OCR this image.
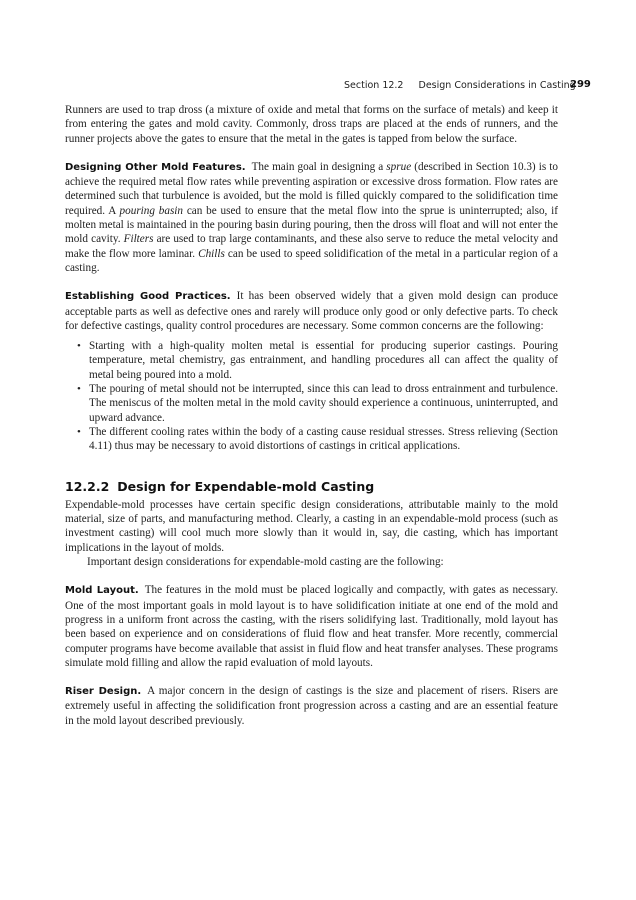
Section 12.2 Design Considerations in Casting
299

Runners are used to trap dross (a mixture of oxide and metal that forms on the surface of metals) and keep it from entering the gates and mold cavity. Commonly, dross traps are placed at the ends of runners, and the runner projects above the gates to ensure that the metal in the gates is tapped from below the surface.

Designing Other Mold Features. The main goal in designing a sprue (described in Section 10.3) is to achieve the required metal flow rates while preventing aspiration or excessive dross formation. Flow rates are determined such that turbulence is avoided, but the mold is filled quickly compared to the solidification time required. A pouring basin can be used to ensure that the metal flow into the sprue is uninterrupted; also, if molten metal is maintained in the pouring basin during pouring, then the dross will float and will not enter the mold cavity. Filters are used to trap large contaminants, and these also serve to reduce the metal velocity and make the flow more laminar. Chills can be used to speed solidification of the metal in a particular region of a casting.

Establishing Good Practices. It has been observed widely that a given mold design can produce acceptable parts as well as defective ones and rarely will produce only good or only defective parts. To check for defective castings, quality control procedures are necessary. Some common concerns are the following:

• Starting with a high-quality molten metal is essential for producing superior castings. Pouring temperature, metal chemistry, gas entrainment, and handling procedures all can affect the quality of metal being poured into a mold.
• The pouring of metal should not be interrupted, since this can lead to dross entrainment and turbulence. The meniscus of the molten metal in the mold cavity should experience a continuous, uninterrupted, and upward advance.
• The different cooling rates within the body of a casting cause residual stresses. Stress relieving (Section 4.11) thus may be necessary to avoid distortions of castings in critical applications.
12.2.2 Design for Expendable-mold Casting

Expendable-mold processes have certain specific design considerations, attributable mainly to the mold material, size of parts, and manufacturing method. Clearly, a casting in an expendable-mold process (such as investment casting) will cool much more slowly than it would in, say, die casting, which has important implications in the layout of molds.

Important design considerations for expendable-mold casting are the following:

Mold Layout. The features in the mold must be placed logically and compactly, with gates as necessary. One of the most important goals in mold layout is to have solidification initiate at one end of the mold and progress in a uniform front across the casting, with the risers solidifying last. Traditionally, mold layout has been based on experience and on considerations of fluid flow and heat transfer. More recently, commercial computer programs have become available that assist in fluid flow and heat transfer analyses. These programs simulate mold filling and allow the rapid evaluation of mold layouts.

Riser Design. A major concern in the design of castings is the size and placement of risers. Risers are extremely useful in affecting the solidification front progression across a casting and are an essential feature in the mold layout described previously.
